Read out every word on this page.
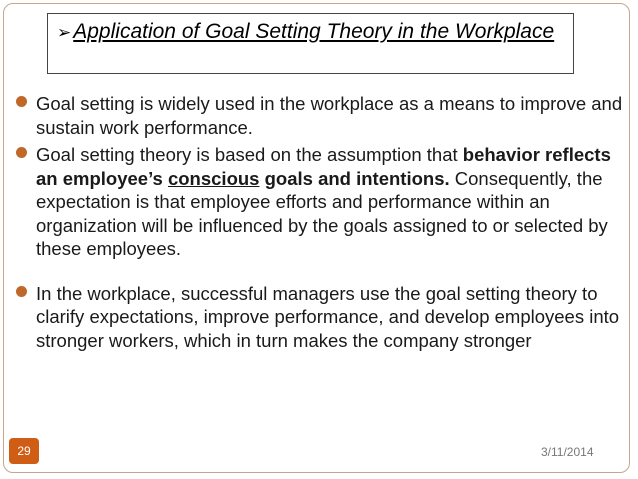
➢Application of Goal Setting Theory in the Workplace
Goal setting is widely used in the workplace as a means to improve and sustain work performance.
Goal setting theory is based on the assumption that behavior reflects an employee’s conscious goals and intentions. Consequently, the expectation is that employee efforts and performance within an organization will be influenced by the goals assigned to or selected by these employees.
In the workplace, successful managers use the goal setting theory to clarify expectations, improve performance, and develop employees into stronger workers, which in turn makes the company stronger
29	3/11/2014
